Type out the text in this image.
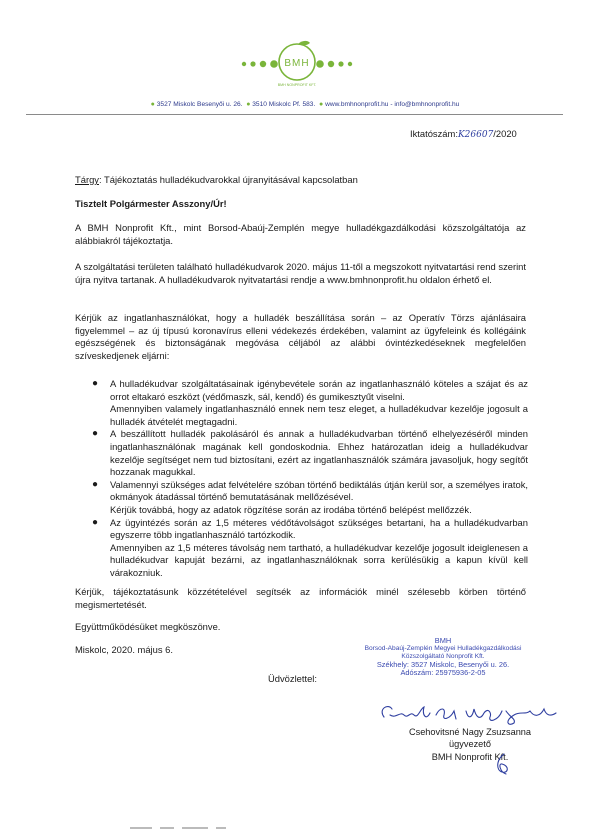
BMH
BMH NONPROFIT KFT.
● 3527 Miskolc Besenyői u. 26. ● 3510 Miskolc Pf. 583. ● www.bmhnonprofit.hu - info@bmhnonprofit.hu
Iktatószám:K26607/2020
Tárgy: Tájékoztatás hulladékudvarokkal újranyitásával kapcsolatban
Tisztelt Polgármester Asszony/Úr!
A BMH Nonprofit Kft., mint Borsod-Abaúj-Zemplén megye hulladékgazdálkodási közszolgáltatója az alábbiakról tájékoztatja.
A szolgáltatási területen található hulladékudvarok 2020. május 11-től a megszokott nyitvatartási rend szerint újra nyitva tartanak. A hulladékudvarok nyitvatartási rendje a www.bmhnonprofit.hu oldalon érhető el.
Kérjük az ingatlanhasználókat, hogy a hulladék beszállítása során – az Operatív Törzs ajánlásaira figyelemmel – az új típusú koronavírus elleni védekezés érdekében, valamint az ügyfeleink és kollégáink egészségének és biztonságának megóvása céljából az alábbi óvintézkedéseknek megfelelően szíveskedjenek eljárni:
● A hulladékudvar szolgáltatásainak igénybevétele során az ingatlanhasználó köteles a szájat és az orrot eltakaró eszközt (védőmaszk, sál, kendő) és gumikesztyűt viselni.
Amennyiben valamely ingatlanhasználó ennek nem tesz eleget, a hulladékudvar kezelője jogosult a hulladék átvételét megtagadni.
● A beszállított hulladék pakolásáról és annak a hulladékudvarban történő elhelyezéséről minden ingatlanhasználónak magának kell gondoskodnia. Ehhez határozatlan ideig a hulladékudvar kezelője segítséget nem tud biztosítani, ezért az ingatlanhasználók számára javasoljuk, hogy segítőt hozzanak magukkal.
● Valamennyi szükséges adat felvételére szóban történő bediktálás útján kerül sor, a személyes iratok, okmányok átadással történő bemutatásának mellőzésével.
Kérjük továbbá, hogy az adatok rögzítése során az irodába történő belépést mellőzzék.
● Az ügyintézés során az 1,5 méteres védőtávolságot szükséges betartani, ha a hulladékudvarban egyszerre több ingatlanhasználó tartózkodik.
Amennyiben az 1,5 méteres távolság nem tartható, a hulladékudvar kezelője jogosult ideiglenesen a hulladékudvar kapuját bezárni, az ingatlanhasználóknak sorra kerülésükig a kapun kívül kell várakozniuk.
Kérjük, tájékoztatásunk közzétételével segítsék az információk minél szélesebb körben történő megismertetését.
Együttműködésüket megköszönve.
Miskolc, 2020. május 6.
Üdvözlettel:
BMH
Borsod-Abaúj-Zemplén Megyei Hulladékgazdálkodási
Közszolgáltató Nonprofit Kft.
Székhely: 3527 Miskolc, Besenyői u. 26.
Adószám: 25975936-2-05
Csehovitsné Nagy Zsuzsanna
ügyvezető
BMH Nonprofit Kft.
